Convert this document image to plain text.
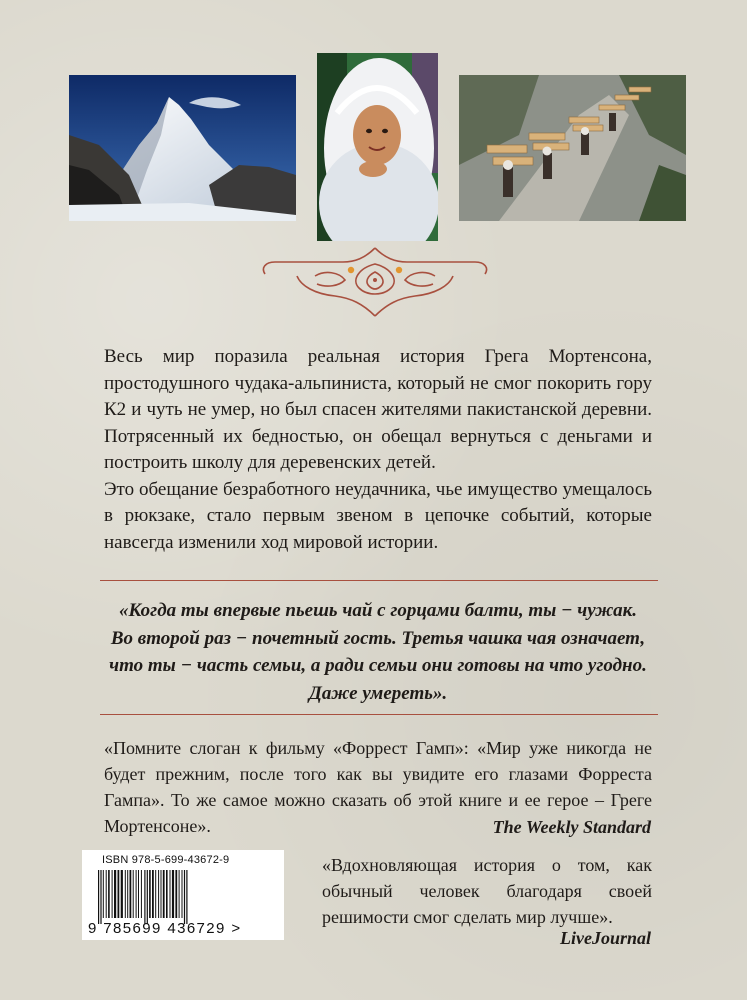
Весь мир поразила реальная история Грега Мортенсона, простодушного чудака-альпиниста, который не смог покорить гору К2 и чуть не умер, но был спасен жителями пакистанской деревни. Потрясенный их бедностью, он обещал вернуться с деньгами и построить школу для деревенских детей.

Это обещание безработного неудачника, чье имущество умещалось в рюкзаке, стало первым звеном в цепочке событий, которые навсегда изменили ход мировой истории.

«Когда ты впервые пьешь чай с горцами балти, ты − чужак.
Во второй раз − почетный гость. Третья чашка чая означает,
что ты − часть семьи, а ради семьи они готовы на что угодно.
Даже умереть».
«Помните слоган к фильму «Форрест Гамп»: «Мир уже никогда не будет прежним, после того как вы увидите его глазами Форреста Гампа». То же самое можно сказать об этой книге и ее герое – Греге Мортенсоне».	The Weekly Standard
ISBN 978-5-699-43672-9
9 785699 436729 >
«Вдохновляющая история о том, как обычный человек благодаря своей решимости смог сделать мир лучше».
LiveJournal
